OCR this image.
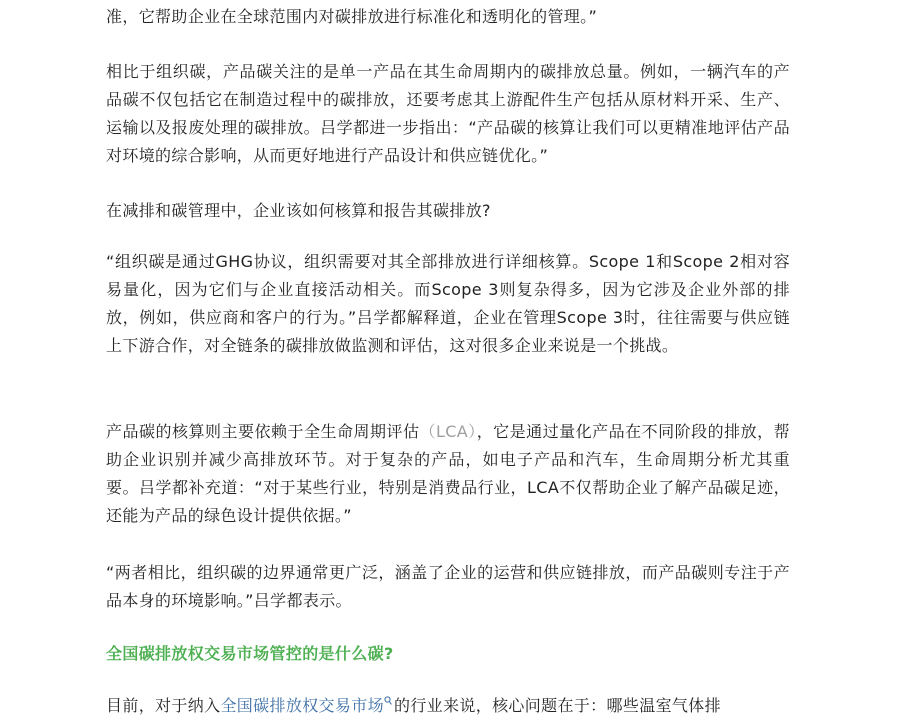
准，它帮助企业在全球范围内对碳排放进行标准化和透明化的管理。”

相比于组织碳，产品碳关注的是单一产品在其生命周期内的碳排放总量。例如，一辆汽车的产品碳不仅包括它在制造过程中的碳排放，还要考虑其上游配件生产包括从原材料开采、生产、运输以及报废处理的碳排放。吕学都进一步指出：“产品碳的核算让我们可以更精准地评估产品对环境的综合影响，从而更好地进行产品设计和供应链优化。”

在减排和碳管理中，企业该如何核算和报告其碳排放?

“组织碳是通过GHG协议，组织需要对其全部排放进行详细核算。Scope 1和Scope 2相对容易量化，因为它们与企业直接活动相关。而Scope 3则复杂得多，因为它涉及企业外部的排放，例如，供应商和客户的行为。”吕学都解释道，企业在管理Scope 3时，往往需要与供应链上下游合作，对全链条的碳排放做监测和评估，这对很多企业来说是一个挑战。

产品碳的核算则主要依赖于全生命周期评估（LCA），它是通过量化产品在不同阶段的排放，帮助企业识别并减少高排放环节。对于复杂的产品，如电子产品和汽车，生命周期分析尤其重要。吕学都补充道：“对于某些行业，特别是消费品行业，LCA不仅帮助企业了解产品碳足迹，还能为产品的绿色设计提供依据。”

“两者相比，组织碳的边界通常更广泛，涵盖了企业的运营和供应链排放，而产品碳则专注于产品本身的环境影响。”吕学都表示。

全国碳排放权交易市场管控的是什么碳?

目前，对于纳入全国碳排放权交易市场 的行业来说，核心问题在于：哪些温室气体排
